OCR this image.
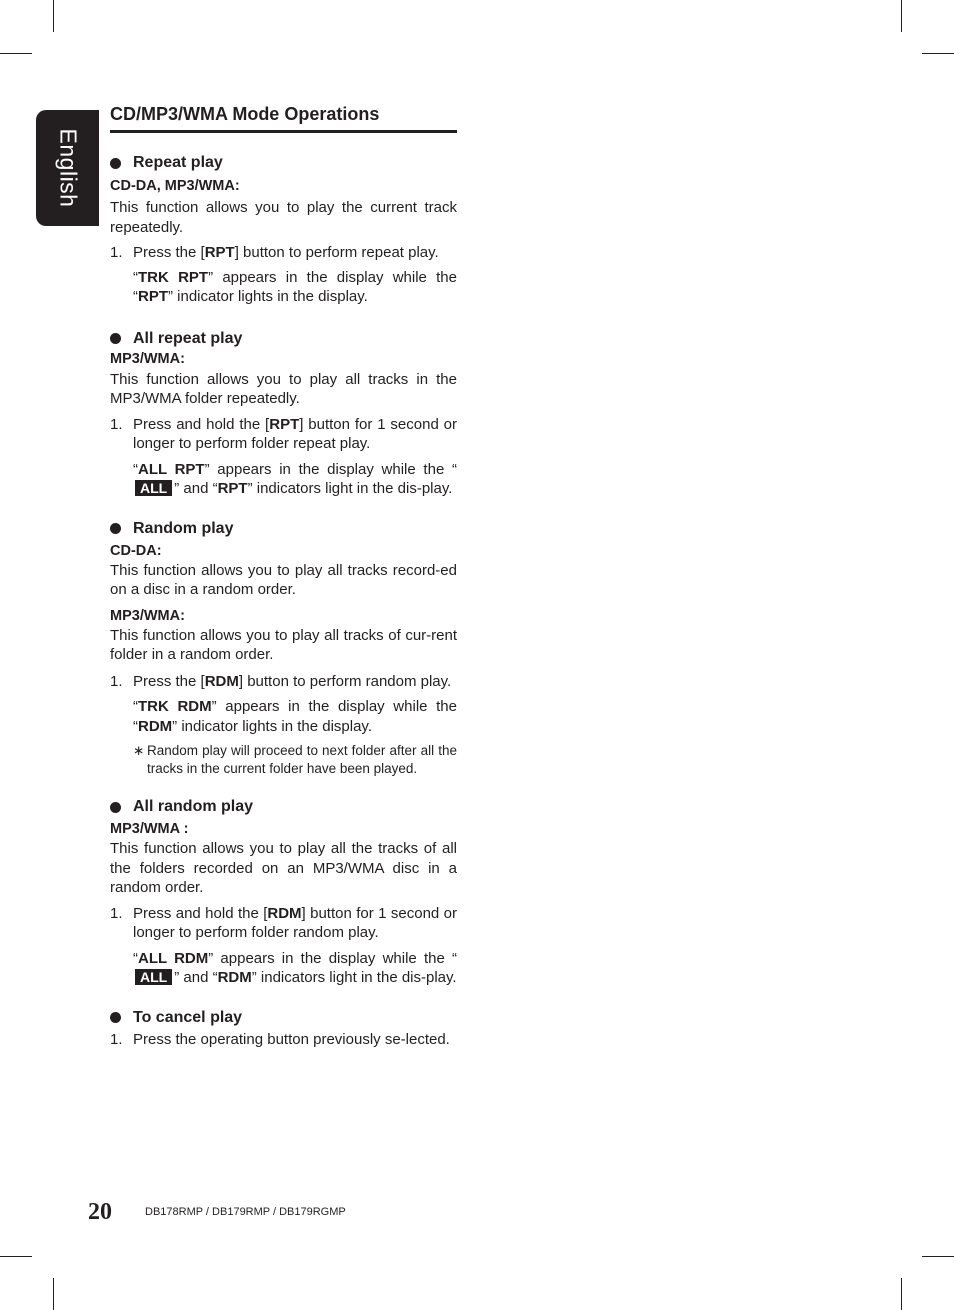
English
CD/MP3/WMA Mode Operations
Repeat play
CD-DA, MP3/WMA:

This function allows you to play the current track repeatedly.

1. Press the [RPT] button to perform repeat play.
“TRK RPT” appears in the display while the “RPT” indicator lights in the display.
All repeat play
MP3/WMA:

This function allows you to play all tracks in the MP3/WMA folder repeatedly.

1. Press and hold the [RPT] button for 1 second or longer to perform folder repeat play.
“ALL RPT” appears in the display while the “ALL ” and “RPT” indicators light in the dis-play.
Random play
CD-DA:

This function allows you to play all tracks record-ed on a disc in a random order.

MP3/WMA:

This function allows you to play all tracks of cur-rent folder in a random order.

1. Press the [RDM] button to perform random play.
“TRK RDM” appears in the display while the “RDM” indicator lights in the display.
∗ Random play will proceed to next folder after all the tracks in the current folder have been played.
All random play
MP3/WMA :

This function allows you to play all the tracks of all the folders recorded on an MP3/WMA disc in a random order.

1. Press and hold the [RDM] button for 1 second or longer to perform folder random play.
“ALL RDM” appears in the display while the “ALL ” and “RDM” indicators light in the dis-play.
To cancel play
1. Press the operating button previously se-lected.
20	DB178RMP / DB179RMP / DB179RGMP
